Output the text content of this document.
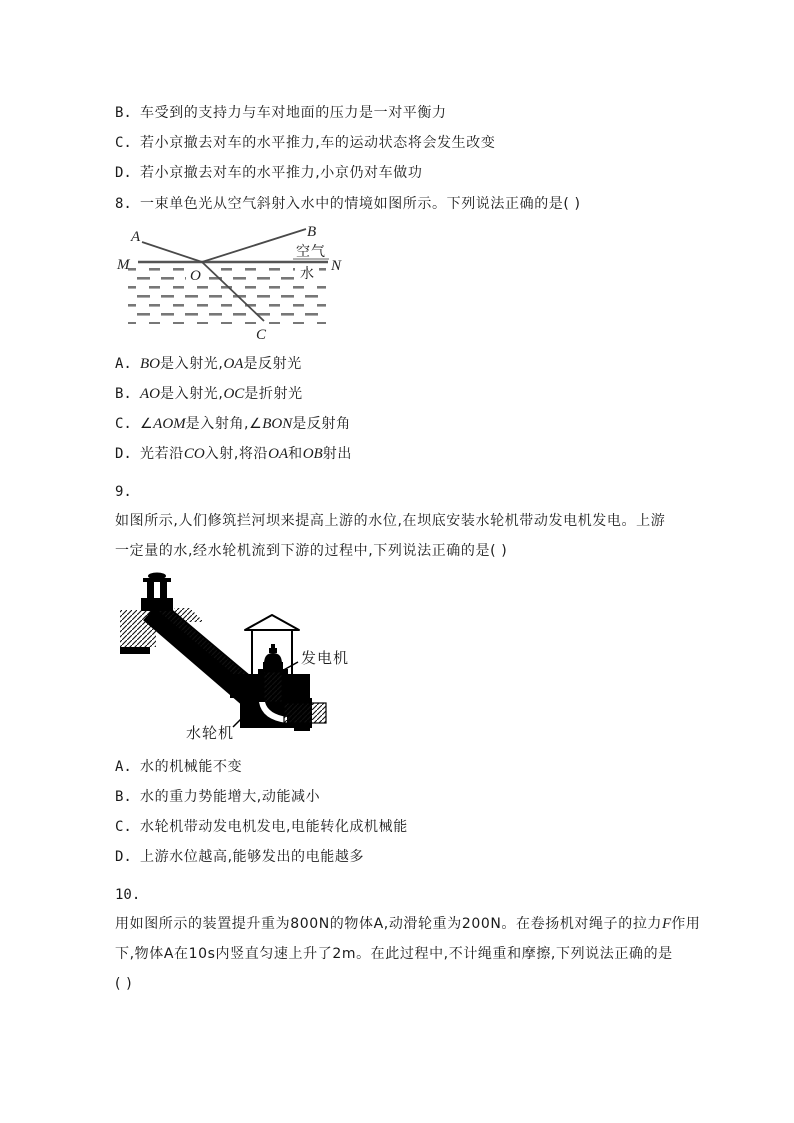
B. 车受到的支持力与车对地面的压力是一对平衡力
C. 若小京撤去对车的水平推力,车的运动状态将会发生改变
D. 若小京撤去对车的水平推力,小京仍对车做功
8. 一束单色光从空气斜射入水中的情境如图所示。下列说法正确的是( )
A	B
C
M	N
O
空气
水
A. BO是入射光,OA是反射光
B. AO是入射光,OC是折射光
C. ∠AOM是入射角,∠BON是反射角
D. 光若沿CO入射,将沿OA和OB射出
9.
如图所示,人们修筑拦河坝来提高上游的水位,在坝底安装水轮机带动发电机发电。上游
一定量的水,经水轮机流到下游的过程中,下列说法正确的是( )
发电机
水轮机
A. 水的机械能不变
B. 水的重力势能增大,动能减小
C. 水轮机带动发电机发电,电能转化成机械能
D. 上游水位越高,能够发出的电能越多
10.
用如图所示的装置提升重为800N的物体A,动滑轮重为200N。在卷扬机对绳子的拉力F作用
下,物体A在10s内竖直匀速上升了2m。在此过程中,不计绳重和摩擦,下列说法正确的是
( )
